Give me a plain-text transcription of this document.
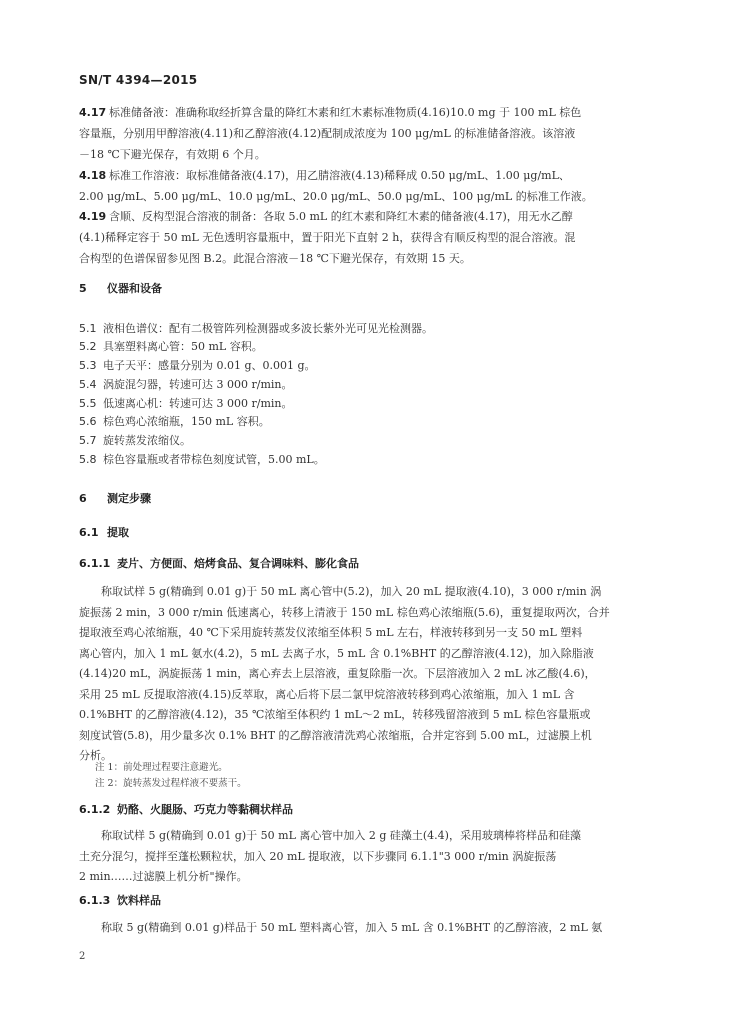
SN/T 4394—2015
4.17 标准储备液：准确称取经折算含量的降红木素和红木素标准物质(4.16)10.0 mg 于 100 mL 棕色
容量瓶，分别用甲醇溶液(4.11)和乙醇溶液(4.12)配制成浓度为 100 μg/mL 的标准储备溶液。该溶液
－18 ℃下避光保存，有效期 6 个月。
4.18 标准工作溶液：取标准储备液(4.17)，用乙腈溶液(4.13)稀释成 0.50 μg/mL、1.00 μg/mL、
2.00 μg/mL、5.00 μg/mL、10.0 μg/mL、20.0 μg/mL、50.0 μg/mL、100 μg/mL 的标准工作液。
4.19 含顺、反构型混合溶液的制备：各取 5.0 mL 的红木素和降红木素的储备液(4.17)，用无水乙醇
(4.1)稀释定容于 50 mL 无色透明容量瓶中，置于阳光下直射 2 h，获得含有顺反构型的混合溶液。混
合构型的色谱保留参见图 B.2。此混合溶液－18 ℃下避光保存，有效期 15 天。
5 仪器和设备
5.1 液相色谱仪：配有二极管阵列检测器或多波长紫外光可见光检测器。
5.2 具塞塑料离心管：50 mL 容积。
5.3 电子天平：感量分别为 0.01 g、0.001 g。
5.4 涡旋混匀器，转速可达 3 000 r/min。
5.5 低速离心机：转速可达 3 000 r/min。
5.6 棕色鸡心浓缩瓶，150 mL 容积。
5.7 旋转蒸发浓缩仪。
5.8 棕色容量瓶或者带棕色刻度试管，5.00 mL。
6 测定步骤
6.1 提取
6.1.1 麦片、方便面、焙烤食品、复合调味料、膨化食品
称取试样 5 g(精确到 0.01 g)于 50 mL 离心管中(5.2)，加入 20 mL 提取液(4.10)，3 000 r/min 涡
旋振荡 2 min，3 000 r/min 低速离心，转移上清液于 150 mL 棕色鸡心浓缩瓶(5.6)，重复提取两次，合并
提取液至鸡心浓缩瓶，40 ℃下采用旋转蒸发仪浓缩至体积 5 mL 左右，样液转移到另一支 50 mL 塑料
离心管内，加入 1 mL 氨水(4.2)，5 mL 去离子水，5 mL 含 0.1%BHT 的乙醇溶液(4.12)，加入除脂液
(4.14)20 mL，涡旋振荡 1 min，离心弃去上层溶液，重复除脂一次。下层溶液加入 2 mL 冰乙酸(4.6)，
采用 25 mL 反提取溶液(4.15)反萃取，离心后将下层二氯甲烷溶液转移到鸡心浓缩瓶，加入 1 mL 含
0.1%BHT 的乙醇溶液(4.12)，35 ℃浓缩至体积约 1 mL～2 mL，转移残留溶液到 5 mL 棕色容量瓶或
刻度试管(5.8)，用少量多次 0.1% BHT 的乙醇溶液清洗鸡心浓缩瓶，合并定容到 5.00 mL，过滤膜上机
分析。
注 1：前处理过程要注意避光。
注 2：旋转蒸发过程样液不要蒸干。
6.1.2 奶酪、火腿肠、巧克力等黏稠状样品
称取试样 5 g(精确到 0.01 g)于 50 mL 离心管中加入 2 g 硅藻土(4.4)，采用玻璃棒将样品和硅藻
土充分混匀，搅拌至蓬松颗粒状，加入 20 mL 提取液，以下步骤同 6.1.1"3 000 r/min 涡旋振荡
2 min……过滤膜上机分析"操作。
6.1.3 饮料样品
称取 5 g(精确到 0.01 g)样品于 50 mL 塑料离心管，加入 5 mL 含 0.1%BHT 的乙醇溶液，2 mL 氨
2
